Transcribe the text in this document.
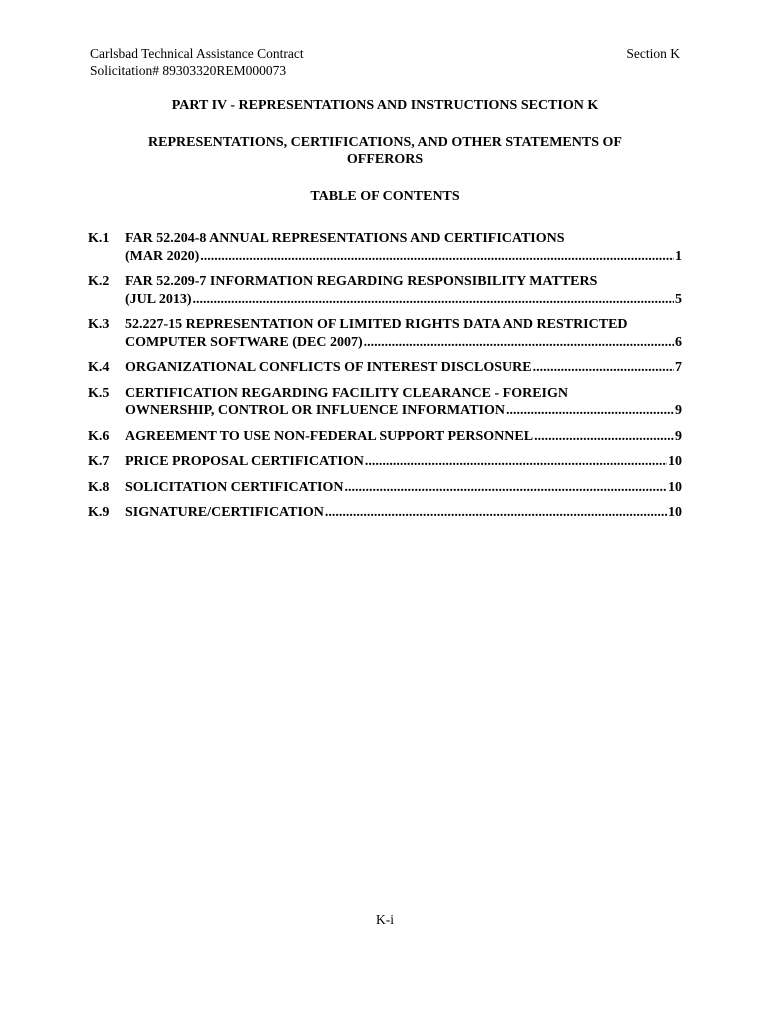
Carlsbad Technical Assistance Contract
Solicitation# 89303320REM000073
Section K
PART IV - REPRESENTATIONS AND INSTRUCTIONS SECTION K
REPRESENTATIONS, CERTIFICATIONS, AND OTHER STATEMENTS OF OFFERORS
TABLE OF CONTENTS
K.1	FAR 52.204-8 ANNUAL REPRESENTATIONS AND CERTIFICATIONS
(MAR 2020) .....	1
K.2	FAR 52.209-7 INFORMATION REGARDING RESPONSIBILITY MATTERS
(JUL 2013) .....	5
K.3	52.227-15 REPRESENTATION OF LIMITED RIGHTS DATA AND RESTRICTED
COMPUTER SOFTWARE (DEC 2007) .....	6
K.4	ORGANIZATIONAL CONFLICTS OF INTEREST DISCLOSURE .....	7
K.5	CERTIFICATION REGARDING FACILITY CLEARANCE - FOREIGN
OWNERSHIP, CONTROL OR INFLUENCE INFORMATION .....	9
K.6	AGREEMENT TO USE NON-FEDERAL SUPPORT PERSONNEL .....	9
K.7	PRICE PROPOSAL CERTIFICATION .....	10
K.8	SOLICITATION CERTIFICATION .....	10
K.9	SIGNATURE/CERTIFICATION .....	10
K-i
